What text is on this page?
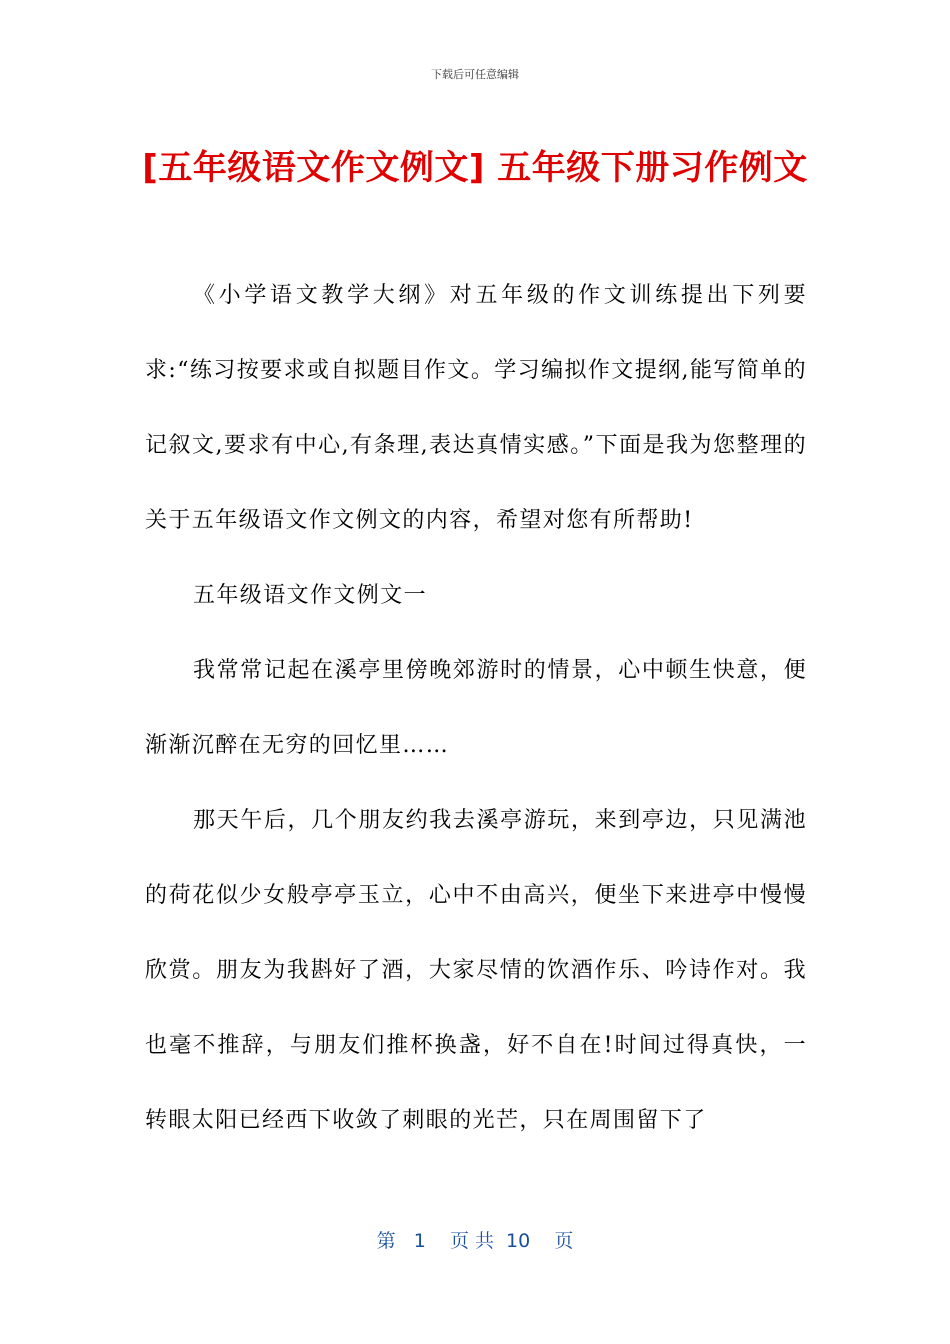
下载后可任意编辑
[五年级语文作文例文] 五年级下册习作例文

《小学语文教学大纲》对五年级的作文训练提出下列要求:“练习按要求或自拟题目作文。学习编拟作文提纲,能写简单的记叙文,要求有中心,有条理,表达真情实感。”下面是我为您整理的关于五年级语文作文例文的内容，希望对您有所帮助!

五年级语文作文例文一

我常常记起在溪亭里傍晚郊游时的情景，心中顿生快意，便渐渐沉醉在无穷的回忆里……

那天午后，几个朋友约我去溪亭游玩，来到亭边，只见满池的荷花似少女般亭亭玉立，心中不由高兴，便坐下来进亭中慢慢欣赏。朋友为我斟好了酒，大家尽情的饮酒作乐、吟诗作对。我也毫不推辞，与朋友们推杯换盏，好不自在!时间过得真快，一转眼太阳已经西下收敛了刺眼的光芒，只在周围留下了

第   1    页 共  10    页
